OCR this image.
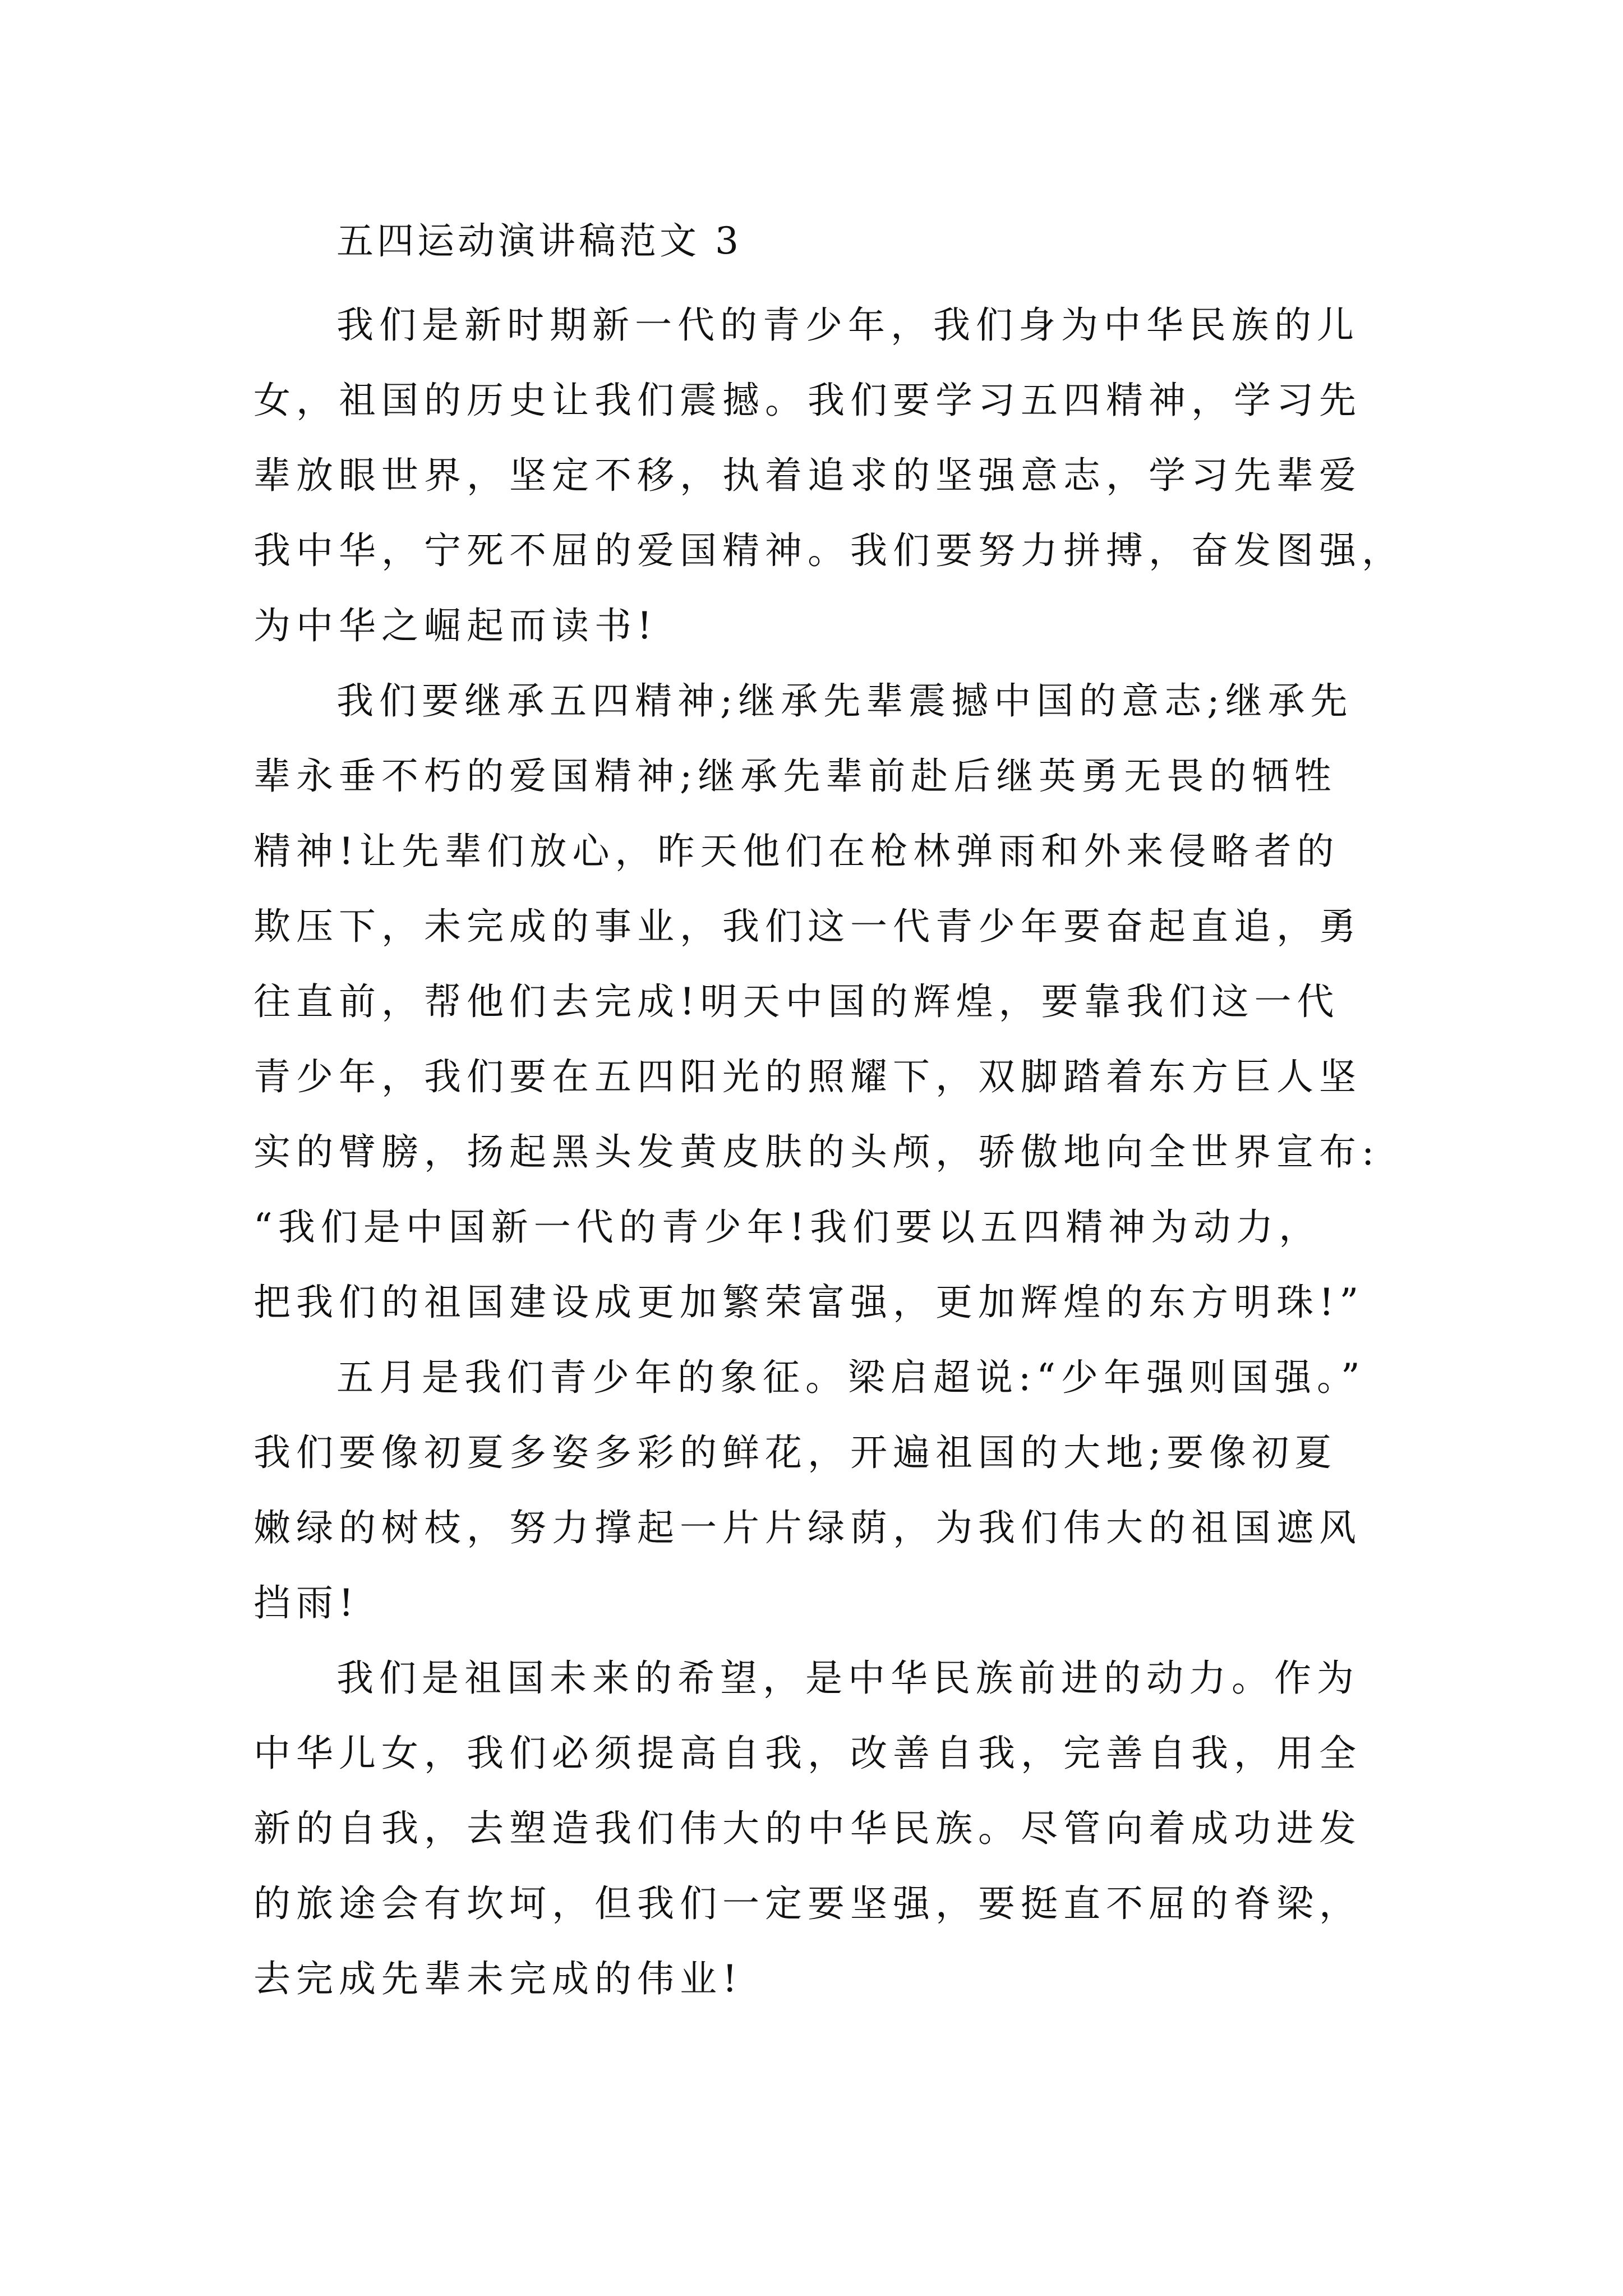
五四运动演讲稿范文 3
我们是新时期新一代的青少年，我们身为中华民族的儿
女，祖国的历史让我们震撼。我们要学习五四精神，学习先
辈放眼世界，坚定不移，执着追求的坚强意志，学习先辈爱
我中华，宁死不屈的爱国精神。我们要努力拼搏，奋发图强，
为中华之崛起而读书!
我们要继承五四精神;继承先辈震撼中国的意志;继承先
辈永垂不朽的爱国精神;继承先辈前赴后继英勇无畏的牺牲
精神!让先辈们放心，昨天他们在枪林弹雨和外来侵略者的
欺压下，未完成的事业，我们这一代青少年要奋起直追，勇
往直前，帮他们去完成!明天中国的辉煌，要靠我们这一代
青少年，我们要在五四阳光的照耀下，双脚踏着东方巨人坚
实的臂膀，扬起黑头发黄皮肤的头颅，骄傲地向全世界宣布:
“我们是中国新一代的青少年!我们要以五四精神为动力，
把我们的祖国建设成更加繁荣富强，更加辉煌的东方明珠!”
五月是我们青少年的象征。梁启超说:“少年强则国强。”
我们要像初夏多姿多彩的鲜花，开遍祖国的大地;要像初夏
嫩绿的树枝，努力撑起一片片绿荫，为我们伟大的祖国遮风
挡雨!
我们是祖国未来的希望，是中华民族前进的动力。作为
中华儿女，我们必须提高自我，改善自我，完善自我，用全
新的自我，去塑造我们伟大的中华民族。尽管向着成功进发
的旅途会有坎坷，但我们一定要坚强，要挺直不屈的脊梁，
去完成先辈未完成的伟业!
